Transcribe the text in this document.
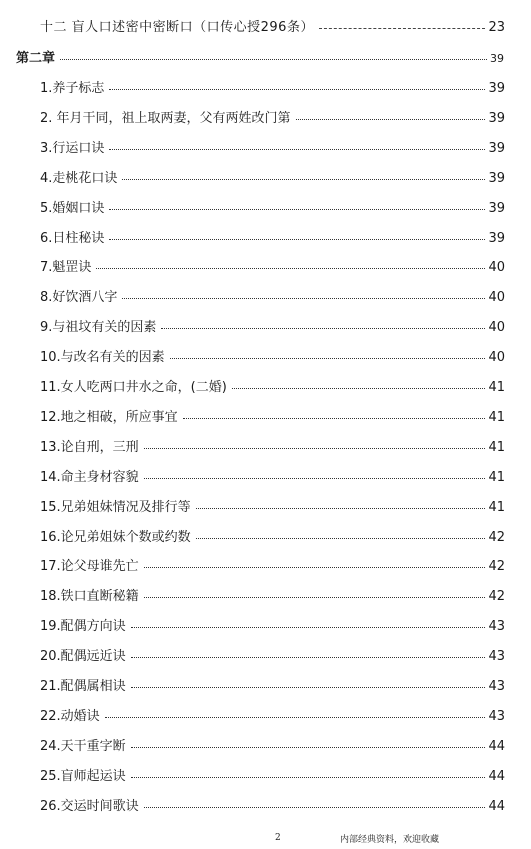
十二 盲人口述密中密断口（口传心授296条）	23
第二章	39
1.养子标志	39
2. 年月干同，祖上取两妻，父有两姓改门第	39
3.行运口诀	39
4.走桃花口诀	39
5.婚姻口诀	39
6.日柱秘诀	39
7.魁罡诀	40
8.好饮酒八字	40
9.与祖坟有关的因素	40
10.与改名有关的因素	40
11.女人吃两口井水之命，(二婚)	41
12.地之相破，所应事宜	41
13.论自刑，三刑	41
14.命主身材容貌	41
15.兄弟姐妹情况及排行等	41
16.论兄弟姐妹个数或约数	42
17.论父母谁先亡	42
18.铁口直断秘籍	42
19.配偶方向诀	43
20.配偶远近诀	43
21.配偶属相诀	43
22.动婚诀	43
24.天干重字断	44
25.盲师起运诀	44
26.交运时间歌诀	44
2	内部经典资料，欢迎收藏
